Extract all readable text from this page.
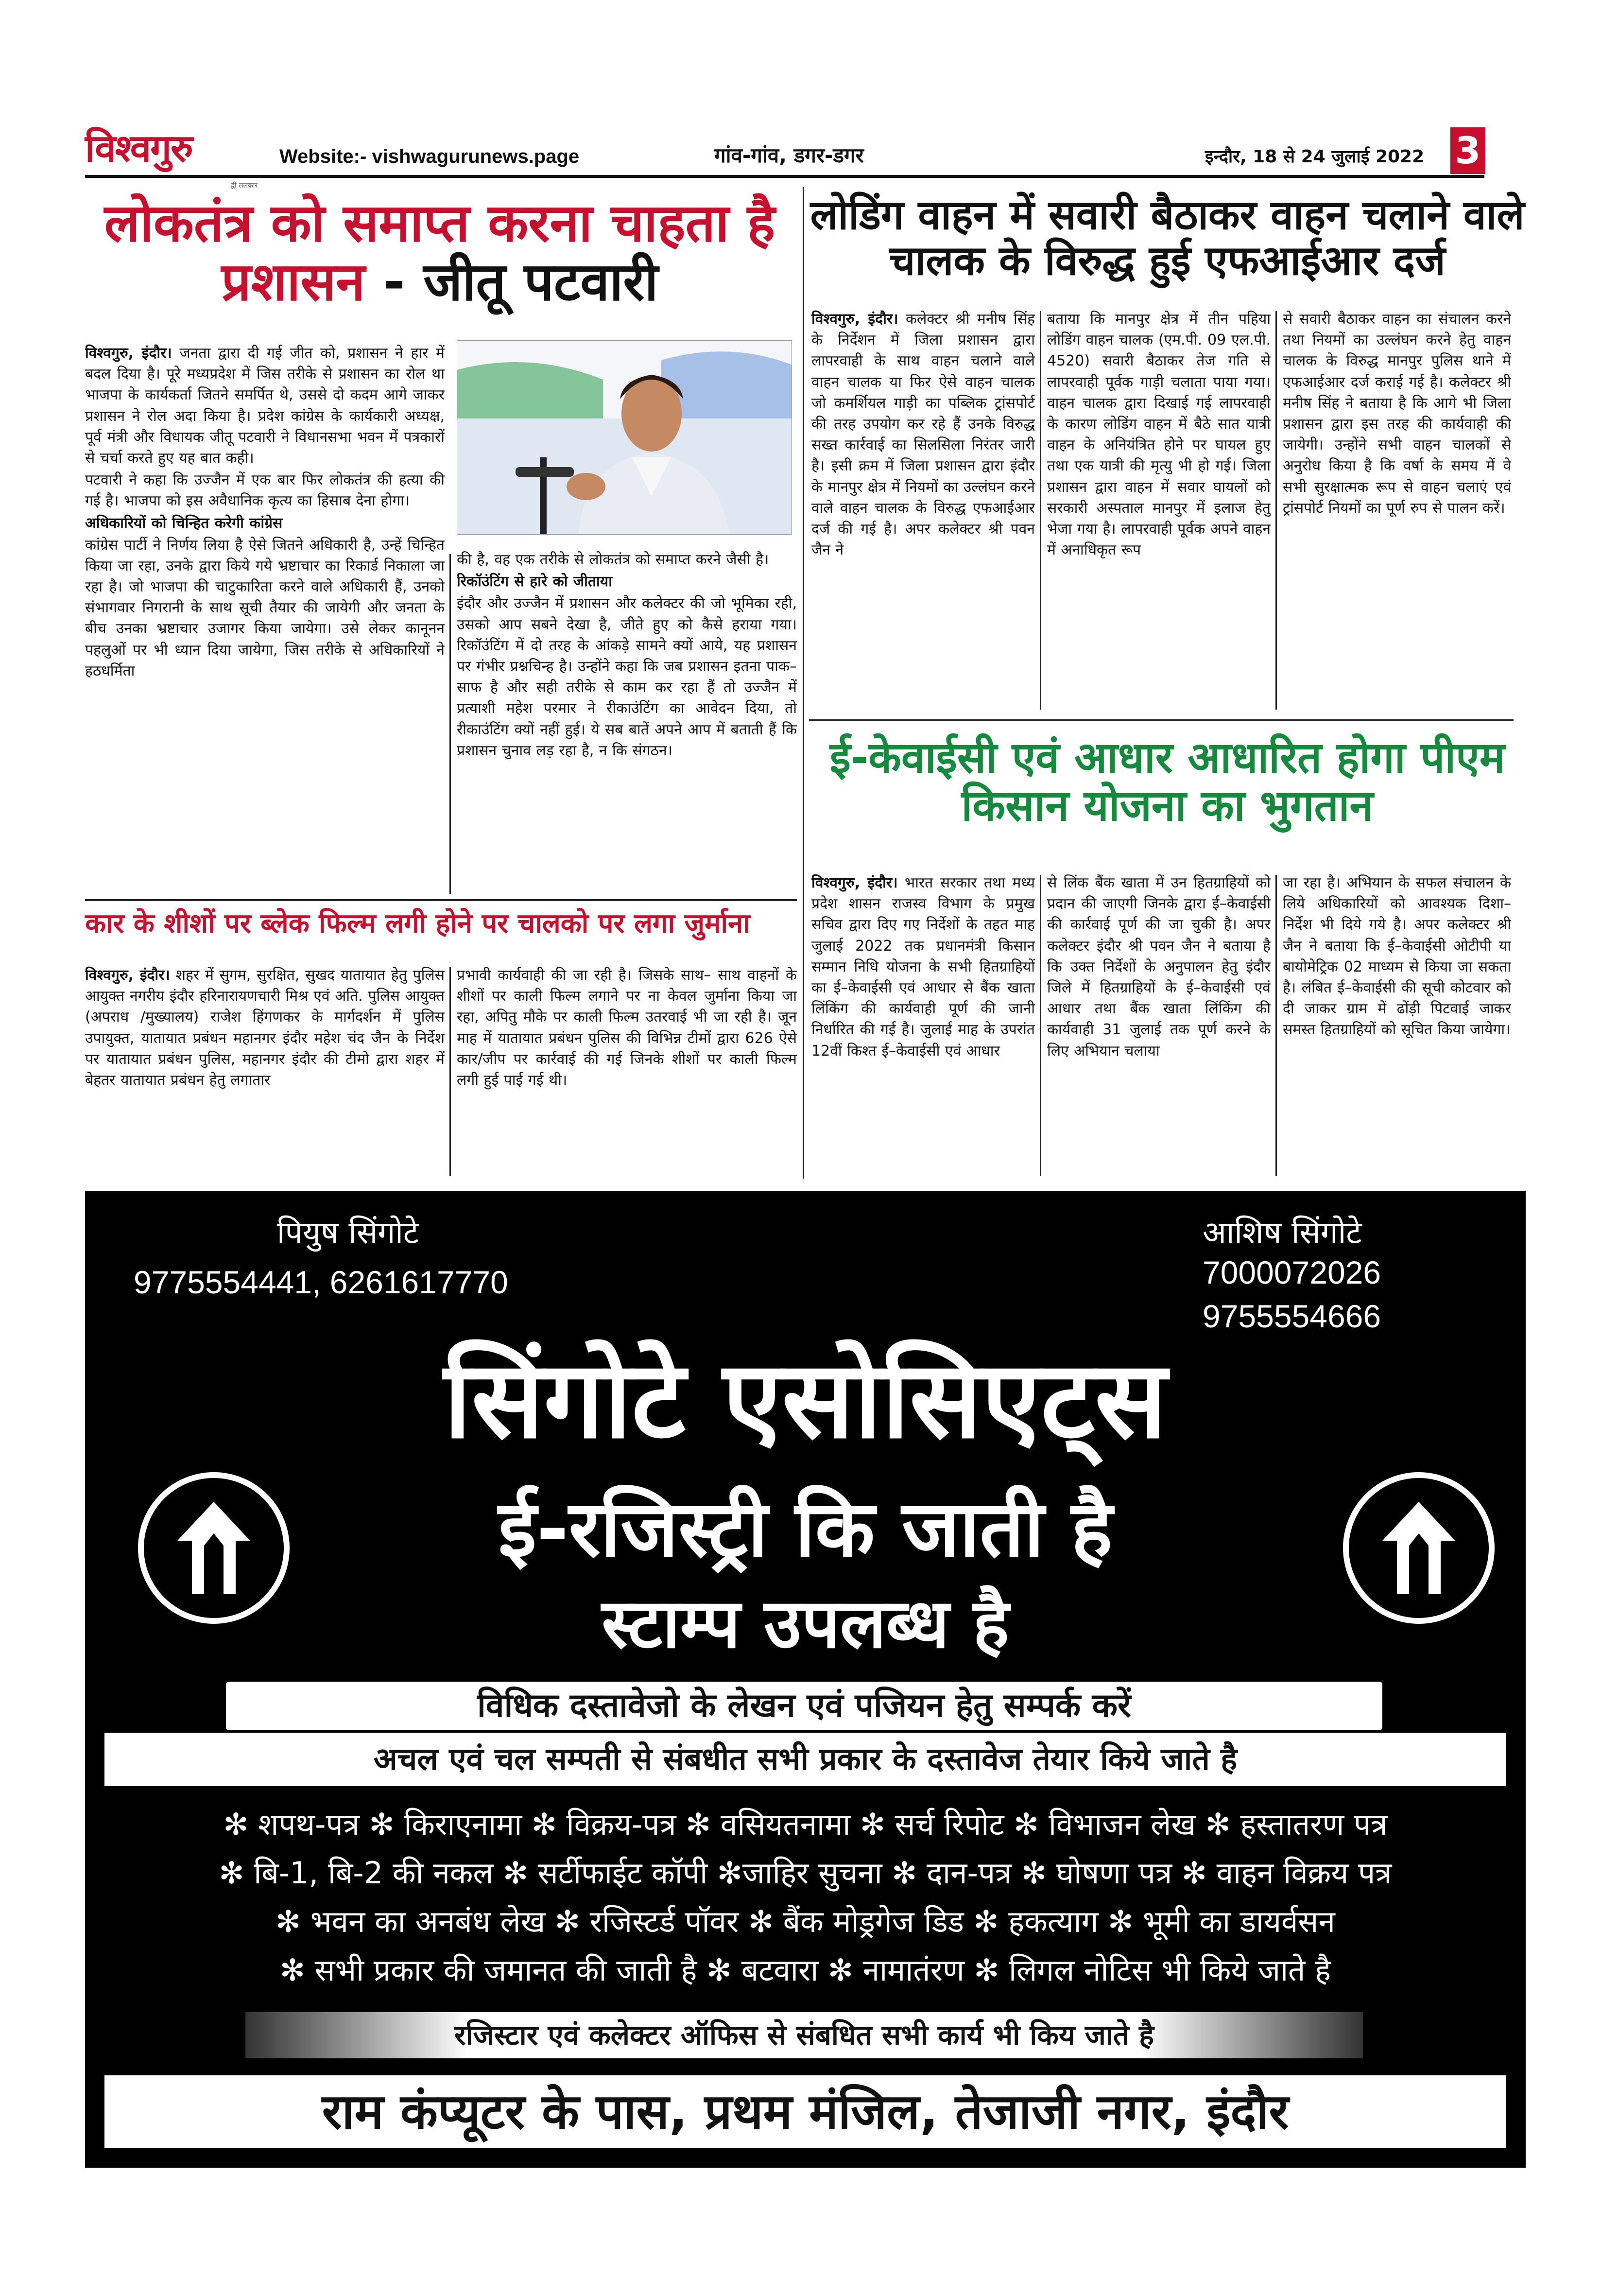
विश्वगुरु
द्वी ललकार
Website:- vishwagurunews.page	गांव-गांव, डगर-डगर	इन्दौर, 18 से 24 जुलाई 2022 3
लोकतंत्र को समाप्त करना चाहता है प्रशासन - जीतू पटवारी

विश्वगुरु, इंदौर। जनता द्वारा दी गई जीत को, प्रशासन ने हार में बदल दिया है। पूरे मध्यप्रदेश में जिस तरीके से प्रशासन का रोल था भाजपा के कार्यकर्ता जितने समर्पित थे, उससे दो कदम आगे जाकर प्रशासन ने रोल अदा किया है। प्रदेश कांग्रेस के कार्यकारी अध्यक्ष, पूर्व मंत्री और विधायक जीतू पटवारी ने विधानसभा भवन में पत्रकारों से चर्चा करते हुए यह बात कही।

पटवारी ने कहा कि उज्जैन में एक बार फिर लोकतंत्र की हत्या की गई है। भाजपा को इस अवैधानिक कृत्य का हिसाब देना होगा।

अधिकारियों को चिन्हित करेगी कांग्रेस

कांग्रेस पार्टी ने निर्णय लिया है ऐसे जितने अधिकारी है, उन्हें चिन्हित किया जा रहा, उनके द्वारा किये गये भ्रष्टाचार का रिकार्ड निकाला जा रहा है। जो भाजपा की चाटुकारिता करने वाले अधिकारी हैं, उनको संभागवार निगरानी के साथ सूची तैयार की जायेगी और जनता के बीच उनका भ्रष्टाचार उजागर किया जायेगा। उसे लेकर कानूनन पहलुओं पर भी ध्यान दिया जायेगा, जिस तरीके से अधिकारियों ने हठधर्मिता

की है, वह एक तरीके से लोकतंत्र को समाप्त करने जैसी है।

रिकॉउंटिंग से हारे को जीताया

इंदौर और उज्जैन में प्रशासन और कलेक्टर की जो भूमिका रही, उसको आप सबने देखा है, जीते हुए को कैसे हराया गया। रिकॉउंटिंग में दो तरह के आंकड़े सामने क्यों आये, यह प्रशासन पर गंभीर प्रश्नचिन्ह है। उन्होंने कहा कि जब प्रशासन इतना पाक–साफ है और सही तरीके से काम कर रहा हैं तो उज्जैन में प्रत्याशी महेश परमार ने रीकाउंटिंग का आवेदन दिया, तो रीकाउंटिंग क्यों नहीं हुई। ये सब बातें अपने आप में बताती हैं कि प्रशासन चुनाव लड़ रहा है, न कि संगठन।

कार के शीशों पर ब्लेक फिल्म लगी होने पर चालको पर लगा जुर्माना

विश्वगुरु, इंदौर। शहर में सुगम, सुरक्षित, सुखद यातायात हेतु पुलिस आयुक्त नगरीय इंदौर हरिनारायणचारी मिश्र एवं अति. पुलिस आयुक्त (अपराध /मुख्यालय) राजेश हिंगणकर के मार्गदर्शन में पुलिस उपायुक्त, यातायात प्रबंधन महानगर इंदौर महेश चंद जैन के निर्देश पर यातायात प्रबंधन पुलिस, महानगर इंदौर की टीमो द्वारा शहर में बेहतर यातायात प्रबंधन हेतु लगातार

प्रभावी कार्यवाही की जा रही है। जिसके साथ– साथ वाहनों के शीशों पर काली फिल्म लगाने पर ना केवल जुर्माना किया जा रहा, अपितु मौके पर काली फिल्म उतरवाई भी जा रही है। जून माह में यातायात प्रबंधन पुलिस की विभिन्न टीमों द्वारा 626 ऐसे कार/जीप पर कार्रवाई की गई जिनके शीशों पर काली फिल्म लगी हुई पाई गई थी।

लोडिंग वाहन में सवारी बैठाकर वाहन चलाने वाले चालक के विरुद्ध हुई एफआईआर दर्ज

विश्वगुरु, इंदौर। कलेक्टर श्री मनीष सिंह के निर्देशन में जिला प्रशासन द्वारा लापरवाही के साथ वाहन चलाने वाले वाहन चालक या फिर ऐसे वाहन चालक जो कमर्शियल गाड़ी का पब्लिक ट्रांसपोर्ट की तरह उपयोग कर रहे हैं उनके विरुद्ध सख्त कार्रवाई का सिलसिला निरंतर जारी है। इसी क्रम में जिला प्रशासन द्वारा इंदौर के मानपुर क्षेत्र में नियमों का उल्लंघन करने वाले वाहन चालक के विरुद्ध एफआईआर दर्ज की गई है। अपर कलेक्टर श्री पवन जैन ने

बताया कि मानपुर क्षेत्र में तीन पहिया लोडिंग वाहन चालक (एम.पी. 09 एल.पी. 4520) सवारी बैठाकर तेज गति से लापरवाही पूर्वक गाड़ी चलाता पाया गया। वाहन चालक द्वारा दिखाई गई लापरवाही के कारण लोडिंग वाहन में बैठे सात यात्री वाहन के अनियंत्रित होने पर घायल हुए तथा एक यात्री की मृत्यु भी हो गई। जिला प्रशासन द्वारा वाहन में सवार घायलों को सरकारी अस्पताल मानपुर में इलाज हेतु भेजा गया है। लापरवाही पूर्वक अपने वाहन में अनाधिकृत रूप

से सवारी बैठाकर वाहन का संचालन करने तथा नियमों का उल्लंघन करने हेतु वाहन चालक के विरुद्ध मानपुर पुलिस थाने में एफआईआर दर्ज कराई गई है। कलेक्टर श्री मनीष सिंह ने बताया है कि आगे भी जिला प्रशासन द्वारा इस तरह की कार्यवाही की जायेगी। उन्होंने सभी वाहन चालकों से अनुरोध किया है कि वर्षा के समय में वे सभी सुरक्षात्मक रूप से वाहन चलाएं एवं ट्रांसपोर्ट नियमों का पूर्ण रुप से पालन करें।

ई-केवाईसी एवं आधार आधारित होगा पीएम किसान योजना का भुगतान

विश्वगुरु, इंदौर। भारत सरकार तथा मध्य प्रदेश शासन राजस्व विभाग के प्रमुख सचिव द्वारा दिए गए निर्देशों के तहत माह जुलाई 2022 तक प्रधानमंत्री किसान सम्मान निधि योजना के सभी हितग्राहियों का ई–केवाईसी एवं आधार से बैंक खाता लिंकिंग की कार्यवाही पूर्ण की जानी निर्धारित की गई है। जुलाई माह के उपरांत 12वीं किश्त ई–केवाईसी एवं आधार

से लिंक बैंक खाता में उन हितग्राहियों को प्रदान की जाएगी जिनके द्वारा ई–केवाईसी की कार्रवाई पूर्ण की जा चुकी है। अपर कलेक्टर इंदौर श्री पवन जैन ने बताया है कि उक्त निर्देशों के अनुपालन हेतु इंदौर जिले में हितग्राहियों के ई–केवाईसी एवं आधार तथा बैंक खाता लिंकिंग की कार्यवाही 31 जुलाई तक पूर्ण करने के लिए अभियान चलाया

जा रहा है। अभियान के सफल संचालन के लिये अधिकारियों को आवश्यक दिशा–निर्देश भी दिये गये है। अपर कलेक्टर श्री जैन ने बताया कि ई–केवाईसी ओटीपी या बायोमेट्रिक 02 माध्यम से किया जा सकता है। लंबित ई–केवाईसी की सूची कोटवार को दी जाकर ग्राम में ढोंड़ी पिटवाई जाकर समस्त हितग्राहियों को सूचित किया जायेगा।

पियुष सिंगोटे
9775554441, 6261617770
आशिष सिंगोटे
7000072026
9755554666
सिंगोटे एसोसिएट्स
ई-रजिस्ट्री कि जाती है
स्टाम्प उपलब्ध है
विधिक दस्तावेजो के लेखन एवं पजियन हेतु सम्पर्क करें
अचल एवं चल सम्पती से संबधीत सभी प्रकार के दस्तावेज तेयार किये जाते है
✻ शपथ-पत्र ✻ किराएनामा ✻ विक्रय-पत्र ✻ वसियतनामा ✻ सर्च रिपोट ✻ विभाजन लेख ✻ हस्तातरण पत्र
✻ बि-1, बि-2 की नकल ✻ सर्टीफाईट कॉपी ✻जाहिर सुचना ✻ दान-पत्र ✻ घोषणा पत्र ✻ वाहन विक्रय पत्र
✻ भवन का अनबंध लेख ✻ रजिस्टर्ड पॉवर ✻ बैंक मोड्रगेज डिड ✻ हकत्याग ✻ भूमी का डायर्वसन
✻ सभी प्रकार की जमानत की जाती है ✻ बटवारा ✻ नामातंरण ✻ लिगल नोटिस भी किये जाते है
रजिस्टार एवं कलेक्टर ऑफिस से संबधित सभी कार्य भी किय जाते है
राम कंप्यूटर के पास, प्रथम मंजिल, तेजाजी नगर, इंदौर
